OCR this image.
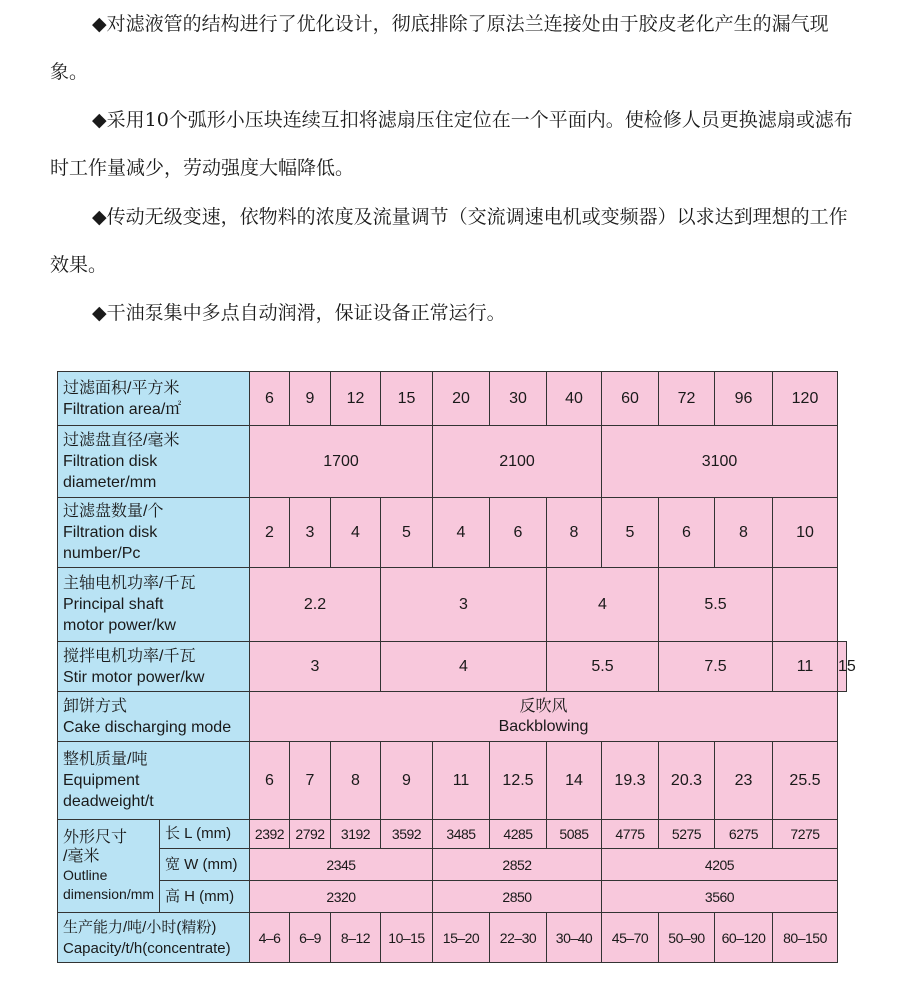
◆对滤液管的结构进行了优化设计，彻底排除了原法兰连接处由于胶皮老化产生的漏气现象。
◆采用10个弧形小压块连续互扣将滤扇压住定位在一个平面内。使检修人员更换滤扇或滤布时工作量减少，劳动强度大幅降低。
◆传动无级变速，依物料的浓度及流量调节（交流调速电机或变频器）以求达到理想的工作效果。
◆干油泵集中多点自动润滑，保证设备正常运行。
过滤面积/平方米
Filtration area/㎡		6	9	12	15	20	30	40	60	72	96	120	

过滤盘直径/毫米
Filtration disk
diameter/mm		1700				2100			3100				

过滤盘数量/个
Filtration disk
number/Pc		2	3	4	5	4	6	8	5	6	8	10	

主轴电机功率/千瓦
Principal shaft
motor power/kw		2.2			3			4		5.5			

搅拌电机功率/千瓦
Stir motor power/kw		3			4			5.5		7.5		11	15

卸饼方式
Cake discharging mode		反吹风
Backblowing											

整机质量/吨
Equipment
deadweight/t		6	7	8	9	11	12.5	14	19.3	20.3	23	25.5	

外形尺寸
/毫米
Outline
dimension/mm	长 L (mm)	2392	2792	3192	3592	3485	4285	5085	4775	5275	6275	7275	
	宽 W (mm)	2345				2852			4205				
	高 H (mm)	2320				2850			3560				

生产能力/吨/小时(精粉)
Capacity/t/h(concentrate)		4–6	6–9	8–12	10–15	15–20	22–30	30–40	45–70	50–90	60–120	80–150	
